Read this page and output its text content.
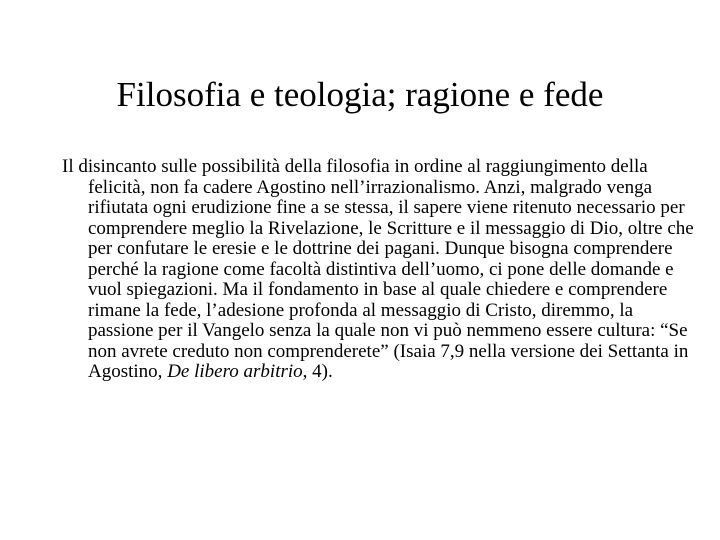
Filosofia e teologia; ragione e fede

Il disincanto sulle possibilità della filosofia in ordine al raggiungimento della felicità, non fa cadere Agostino nell’irrazionalismo. Anzi, malgrado venga rifiutata ogni erudizione fine a se stessa, il sapere viene ritenuto necessario per comprendere meglio la Rivelazione, le Scritture e il messaggio di Dio, oltre che per confutare le eresie e le dottrine dei pagani. Dunque bisogna comprendere perché la ragione come facoltà distintiva dell’uomo, ci pone delle domande e vuol spiegazioni. Ma il fondamento in base al quale chiedere e comprendere rimane la fede, l’adesione profonda al messaggio di Cristo, diremmo, la passione per il Vangelo senza la quale non vi può nemmeno essere cultura: “Se non avrete creduto non comprenderete” (Isaia 7,9 nella versione dei Settanta in Agostino, De libero arbitrio, 4).
